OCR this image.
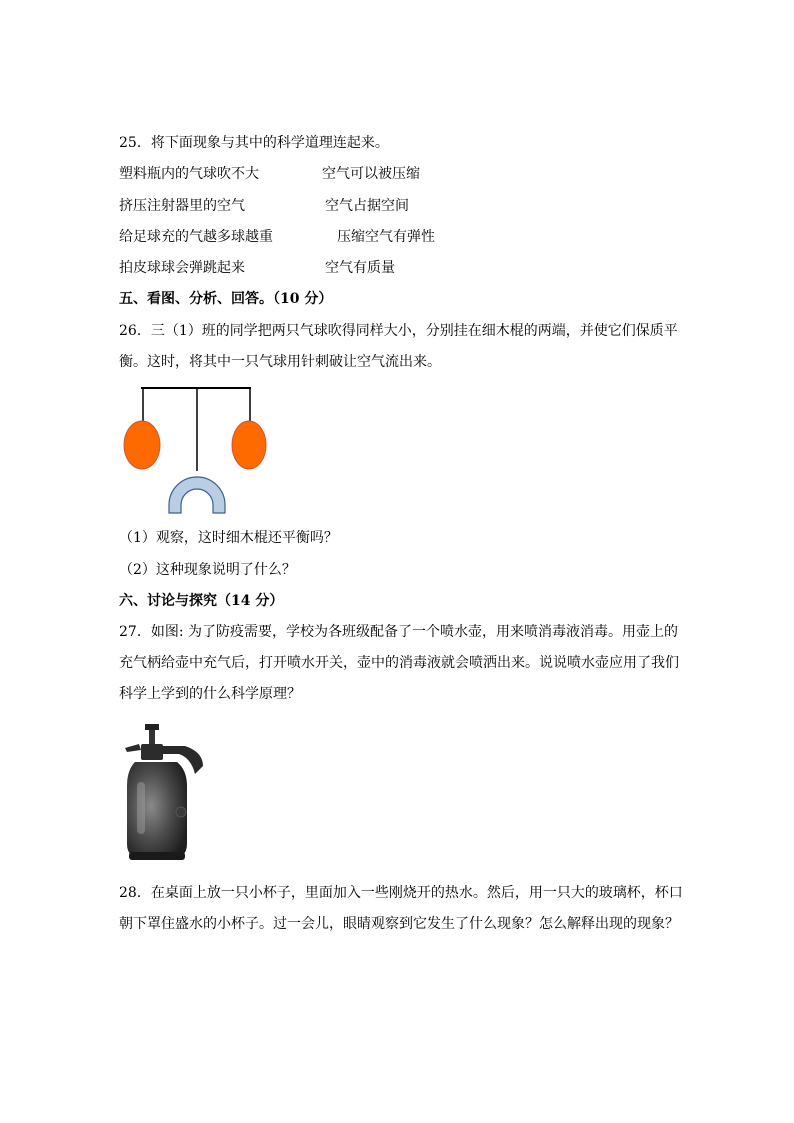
25．将下面现象与其中的科学道理连起来。
塑料瓶内的气球吹不大	空气可以被压缩
挤压注射器里的空气	空气占据空间
给足球充的气越多球越重	压缩空气有弹性
拍皮球球会弹跳起来	空气有质量
五、看图、分析、回答。（10 分）
26．三（1）班的同学把两只气球吹得同样大小，分别挂在细木棍的两端，并使它们保质平
衡。这时，将其中一只气球用针刺破让空气流出来。
（1）观察，这时细木棍还平衡吗？
（2）这种现象说明了什么？
六、讨论与探究（14 分）
27．如图: 为了防疫需要，学校为各班级配备了一个喷水壶，用来喷消毒液消毒。用壶上的
充气柄给壶中充气后，打开喷水开关，壶中的消毒液就会喷洒出来。说说喷水壶应用了我们
科学上学到的什么科学原理？
28．在桌面上放一只小杯子，里面加入一些刚烧开的热水。然后，用一只大的玻璃杯，杯口
朝下罩住盛水的小杯子。过一会儿，眼睛观察到它发生了什么现象？怎么解释出现的现象？
